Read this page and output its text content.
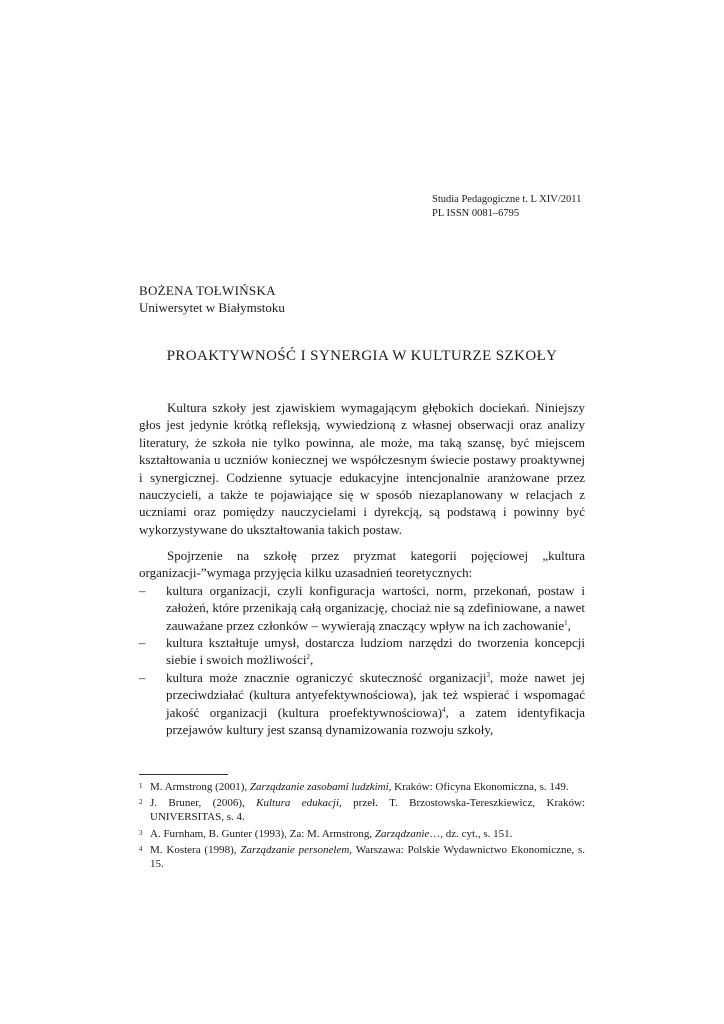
Studia Pedagogiczne t. L XIV/2011
PL ISSN 0081–6795
BOŻENA TOŁWIŃSKA
Uniwersytet w Białymstoku
PROAKTYWNOŚĆ I SYNERGIA W KULTURZE SZKOŁY

Kultura szkoły jest zjawiskiem wymagającym głębokich dociekań. Niniejszy głos jest jedynie krótką refleksją, wywiedzioną z własnej obserwacji oraz analizy literatury, że szkoła nie tylko powinna, ale może, ma taką szansę, być miejscem kształtowania u uczniów koniecznej we współczesnym świecie postawy proaktywnej i synergicznej. Codzienne sytuacje edukacyjne intencjonalnie aranżowane przez nauczycieli, a także te pojawiające się w sposób niezaplanowany w relacjach z uczniami oraz pomiędzy nauczycielami i dyrekcją, są podstawą i powinny być wykorzystywane do ukształtowania takich postaw.

Spojrzenie na szkołę przez pryzmat kategorii pojęciowej „kultura organizacji-”wymaga przyjęcia kilku uzasadnień teoretycznych:

– kultura organizacji, czyli konfiguracja wartości, norm, przekonań, postaw i założeń, które przenikają całą organizację, chociaż nie są zdefiniowane, a nawet zauważane przez członków – wywierają znaczący wpływ na ich zachowanie$^1$,
– kultura kształtuje umysł, dostarcza ludziom narzędzi do tworzenia koncepcji siebie i swoich możliwości$^2$,
– kultura może znacznie ograniczyć skuteczność organizacji$^3$, może nawet jej przeciwdziałać (kultura antyefektywnościowa), jak też wspierać i wspomagać jakość organizacji (kultura proefektywnościowa)$^4$, a zatem identyfikacja przejawów kultury jest szansą dynamizowania rozwoju szkoły,
1 M. Armstrong (2001), Zarządzanie zasobami ludzkimi, Kraków: Oficyna Ekonomiczna, s. 149.
2 J. Bruner, (2006), Kultura edukacji, przeł. T. Brzostowska-Tereszkiewicz, Kraków: UNIVERSITAS, s. 4.
3 A. Furnham, B. Gunter (1993), Za: M. Armstrong, Zarządzanie…, dz. cyt., s. 151.
4 M. Kostera (1998), Zarządzanie personelem, Warszawa: Polskie Wydawnictwo Ekonomiczne, s. 15.
